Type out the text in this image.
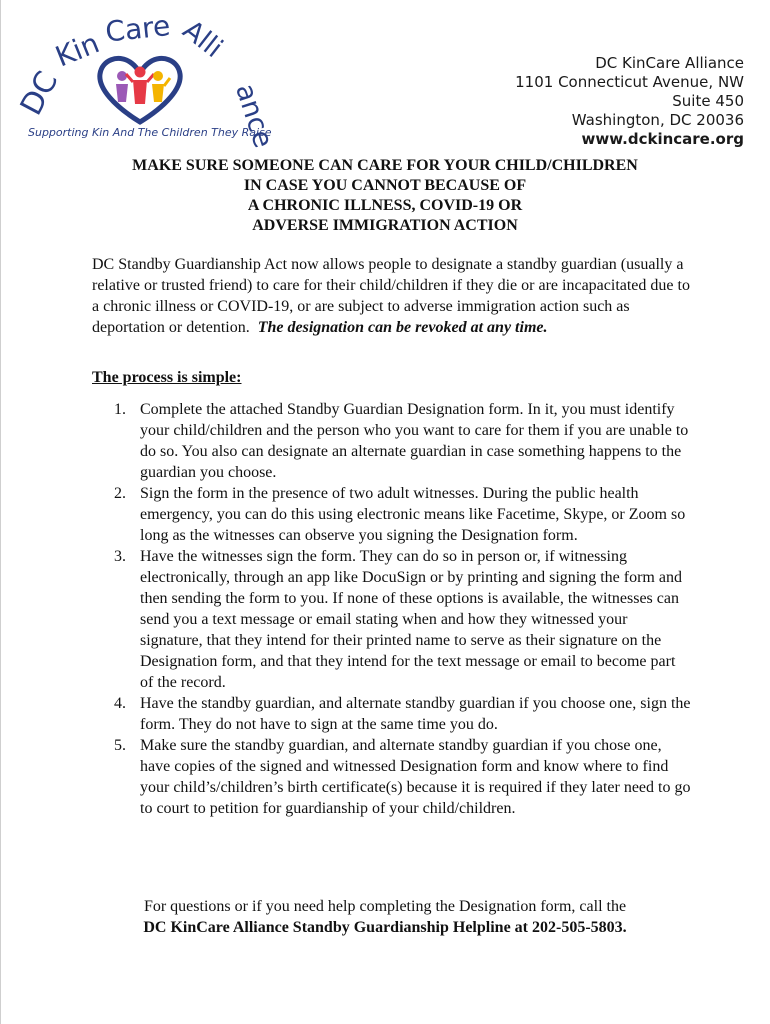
DC
Kin Care Alli
ance
Supporting Kin And The Children They Raise
DC KinCare Alliance
1101 Connecticut Avenue, NW
Suite 450
Washington, DC 20036
www.dckincare.org
MAKE SURE SOMEONE CAN CARE FOR YOUR CHILD/CHILDREN
IN CASE YOU CANNOT BECAUSE OF
A CHRONIC ILLNESS, COVID-19 OR
ADVERSE IMMIGRATION ACTION
DC Standby Guardianship Act now allows people to designate a standby guardian (usually a relative or trusted friend) to care for their child/children if they die or are incapacitated due to a chronic illness or COVID-19, or are subject to adverse immigration action such as deportation or detention. The designation can be revoked at any time.
The process is simple:
1. Complete the attached Standby Guardian Designation form. In it, you must identify your child/children and the person who you want to care for them if you are unable to do so. You also can designate an alternate guardian in case something happens to the guardian you choose.
2. Sign the form in the presence of two adult witnesses. During the public health emergency, you can do this using electronic means like Facetime, Skype, or Zoom so long as the witnesses can observe you signing the Designation form.
3. Have the witnesses sign the form. They can do so in person or, if witnessing electronically, through an app like DocuSign or by printing and signing the form and then sending the form to you. If none of these options is available, the witnesses can send you a text message or email stating when and how they witnessed your signature, that they intend for their printed name to serve as their signature on the Designation form, and that they intend for the text message or email to become part of the record.
4. Have the standby guardian, and alternate standby guardian if you choose one, sign the form. They do not have to sign at the same time you do.
5. Make sure the standby guardian, and alternate standby guardian if you chose one, have copies of the signed and witnessed Designation form and know where to find your child’s/children’s birth certificate(s) because it is required if they later need to go to court to petition for guardianship of your child/children.
For questions or if you need help completing the Designation form, call the
DC KinCare Alliance Standby Guardianship Helpline at 202-505-5803.
